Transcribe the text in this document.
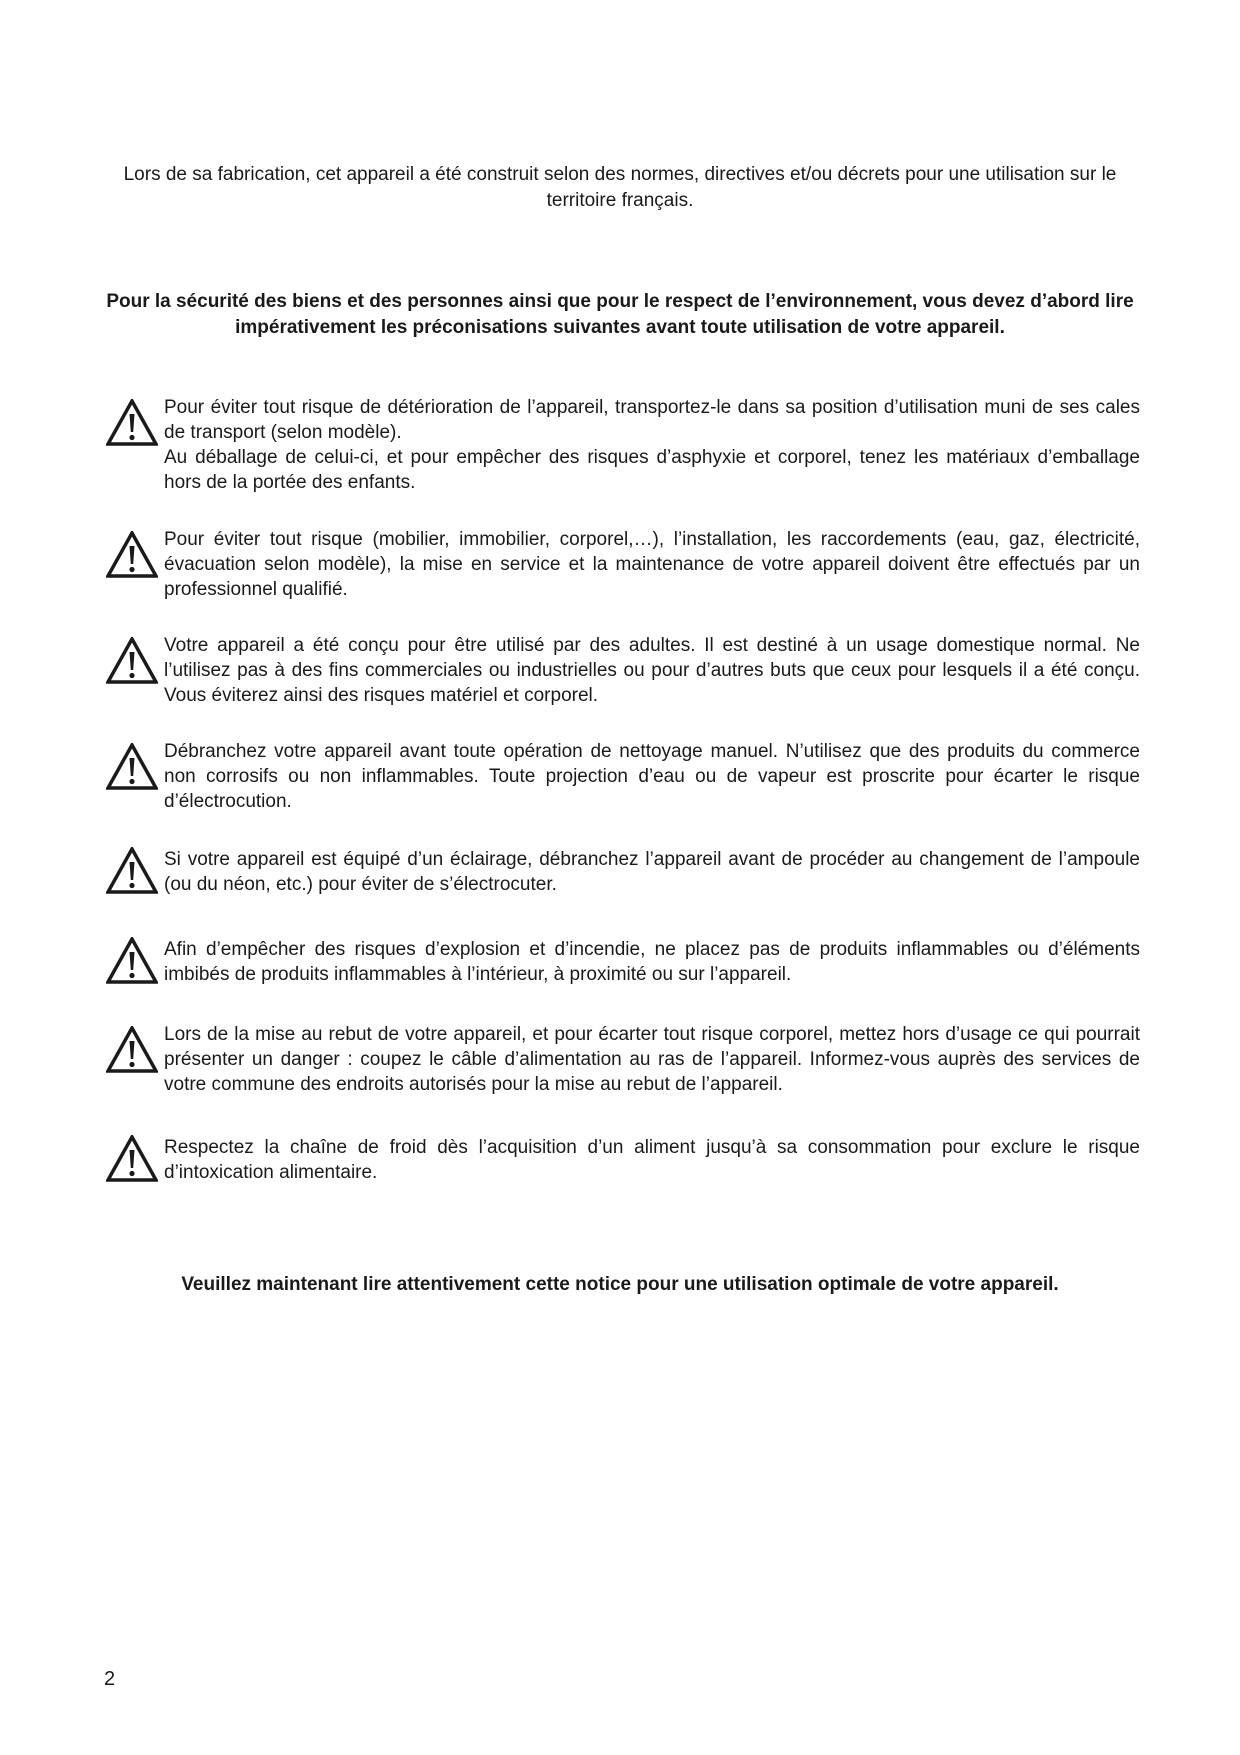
Lors de sa fabrication, cet appareil a été construit selon des normes, directives et/ou décrets pour une utilisation sur le territoire français.
Pour la sécurité des biens et des personnes ainsi que pour le respect de l’environnement, vous devez d’abord lire impérativement les préconisations suivantes avant toute utilisation de votre appareil.

Pour éviter tout risque de détérioration de l’appareil, transportez-le dans sa position d’utilisation muni de ses cales de transport (selon modèle).

Au déballage de celui-ci, et pour empêcher des risques d’asphyxie et corporel, tenez les matériaux d’emballage hors de la portée des enfants.

Pour éviter tout risque (mobilier, immobilier, corporel,…), l’installation, les raccordements (eau, gaz, électricité, évacuation selon modèle), la mise en service et la maintenance de votre appareil doivent être effectués par un professionnel qualifié.

Votre appareil a été conçu pour être utilisé par des adultes. Il est destiné à un usage domestique normal. Ne l’utilisez pas à des fins commerciales ou industrielles ou pour d’autres buts que ceux pour lesquels il a été conçu. Vous éviterez ainsi des risques matériel et corporel.

Débranchez votre appareil avant toute opération de nettoyage manuel. N’utilisez que des produits du commerce non corrosifs ou non inflammables. Toute projection d’eau ou de vapeur est proscrite pour écarter le risque d’électrocution.

Si votre appareil est équipé d’un éclairage, débranchez l’appareil avant de procéder au changement de l’ampoule (ou du néon, etc.) pour éviter de s’électrocuter.

Afin d’empêcher des risques d’explosion et d’incendie, ne placez pas de produits inflammables ou d’éléments imbibés de produits inflammables à l’intérieur, à proximité ou sur l’appareil.

Lors de la mise au rebut de votre appareil, et pour écarter tout risque corporel, mettez hors d’usage ce qui pourrait présenter un danger : coupez le câble d’alimentation au ras de l’appareil. Informez-vous auprès des services de votre commune des endroits autorisés pour la mise au rebut de l’appareil.

Respectez la chaîne de froid dès l’acquisition d’un aliment jusqu’à sa consommation pour exclure le risque d’intoxication alimentaire.

Veuillez maintenant lire attentivement cette notice pour une utilisation optimale de votre appareil.
2
